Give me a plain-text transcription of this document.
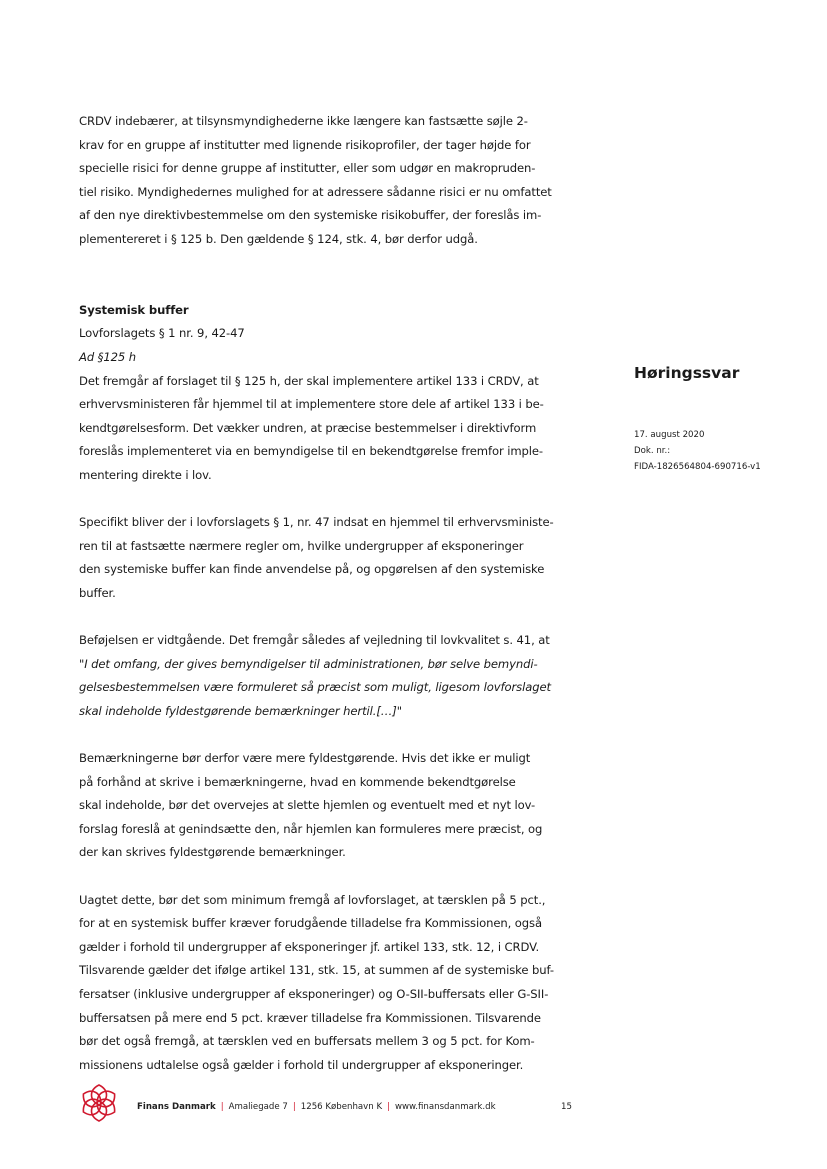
CRDV indebærer, at tilsynsmyndighederne ikke længere kan fastsætte søjle 2-
krav for en gruppe af institutter med lignende risikoprofiler, der tager højde for
specielle risici for denne gruppe af institutter, eller som udgør en makropruden-
tiel risiko. Myndighedernes mulighed for at adressere sådanne risici er nu omfattet
af den nye direktivbestemmelse om den systemiske risikobuffer, der foreslås im-
plementereret i § 125 b. Den gældende § 124, stk. 4, bør derfor udgå.

Systemisk buffer

Lovforslagets § 1 nr. 9, 42-47

Ad §125 h

Det fremgår af forslaget til § 125 h, der skal implementere artikel 133 i CRDV, at
erhvervsministeren får hjemmel til at implementere store dele af artikel 133 i be-
kendtgørelsesform. Det vækker undren, at præcise bestemmelser i direktivform
foreslås implementeret via en bemyndigelse til en bekendtgørelse fremfor imple-
mentering direkte i lov.

Specifikt bliver der i lovforslagets § 1, nr. 47 indsat en hjemmel til erhvervsministe-
ren til at fastsætte nærmere regler om, hvilke undergrupper af eksponeringer
den systemiske buffer kan finde anvendelse på, og opgørelsen af den systemiske
buffer.

Beføjelsen er vidtgående. Det fremgår således af vejledning til lovkvalitet s. 41, at
"I det omfang, der gives bemyndigelser til administrationen, bør selve bemyndi-
gelsesbestemmelsen være formuleret så præcist som muligt, ligesom lovforslaget
skal indeholde fyldestgørende bemærkninger hertil.[…]"

Bemærkningerne bør derfor være mere fyldestgørende. Hvis det ikke er muligt
på forhånd at skrive i bemærkningerne, hvad en kommende bekendtgørelse
skal indeholde, bør det overvejes at slette hjemlen og eventuelt med et nyt lov-
forslag foreslå at genindsætte den, når hjemlen kan formuleres mere præcist, og
der kan skrives fyldestgørende bemærkninger.

Uagtet dette, bør det som minimum fremgå af lovforslaget, at tærsklen på 5 pct.,
for at en systemisk buffer kræver forudgående tilladelse fra Kommissionen, også
gælder i forhold til undergrupper af eksponeringer jf. artikel 133, stk. 12, i CRDV.
Tilsvarende gælder det ifølge artikel 131, stk. 15, at summen af de systemiske buf-
fersatser (inklusive undergrupper af eksponeringer) og O-SII-buffersats eller G-SII-
buffersatsen på mere end 5 pct. kræver tilladelse fra Kommissionen. Tilsvarende
bør det også fremgå, at tærsklen ved en buffersats mellem 3 og 5 pct. for Kom-
missionens udtalelse også gælder i forhold til undergrupper af eksponeringer.

Høringssvar

17. august 2020
Dok. nr.:
FIDA-1826564804-690716-v1
Finans Danmark | Amaliegade 7 | 1256 København K | www.finansdanmark.dk	15
